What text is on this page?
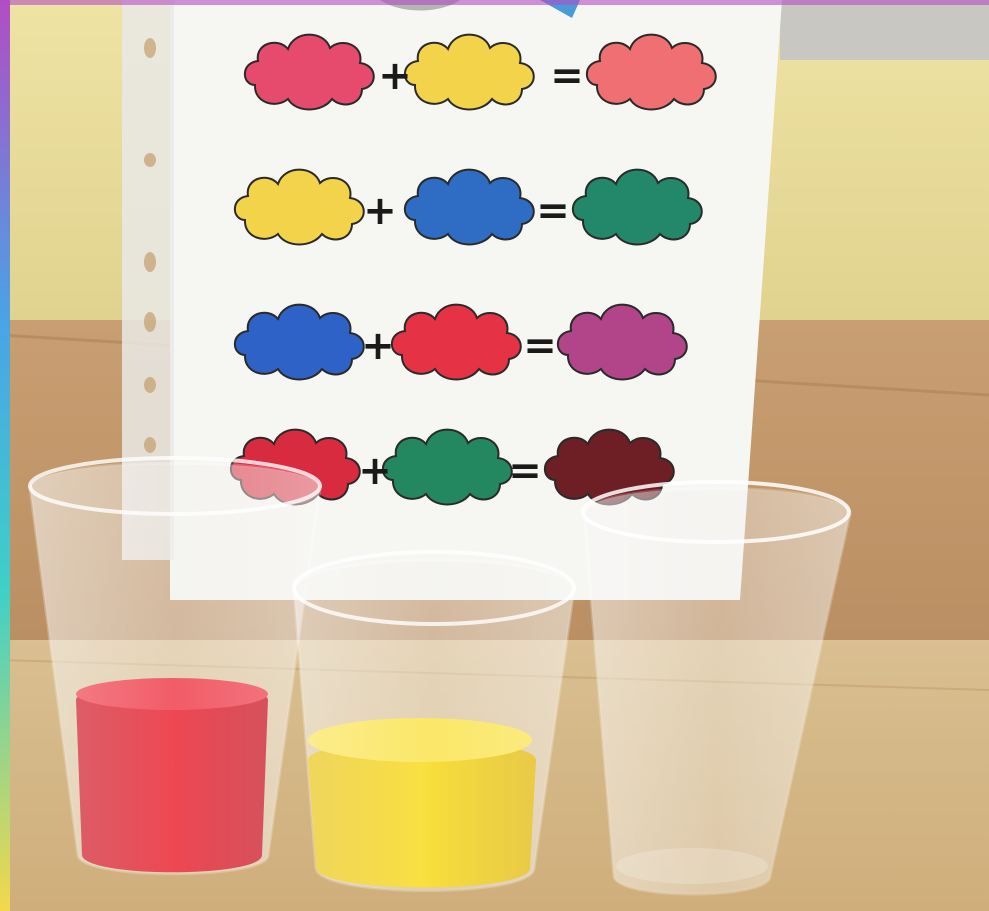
+	=
+	=
+	=
+	=
